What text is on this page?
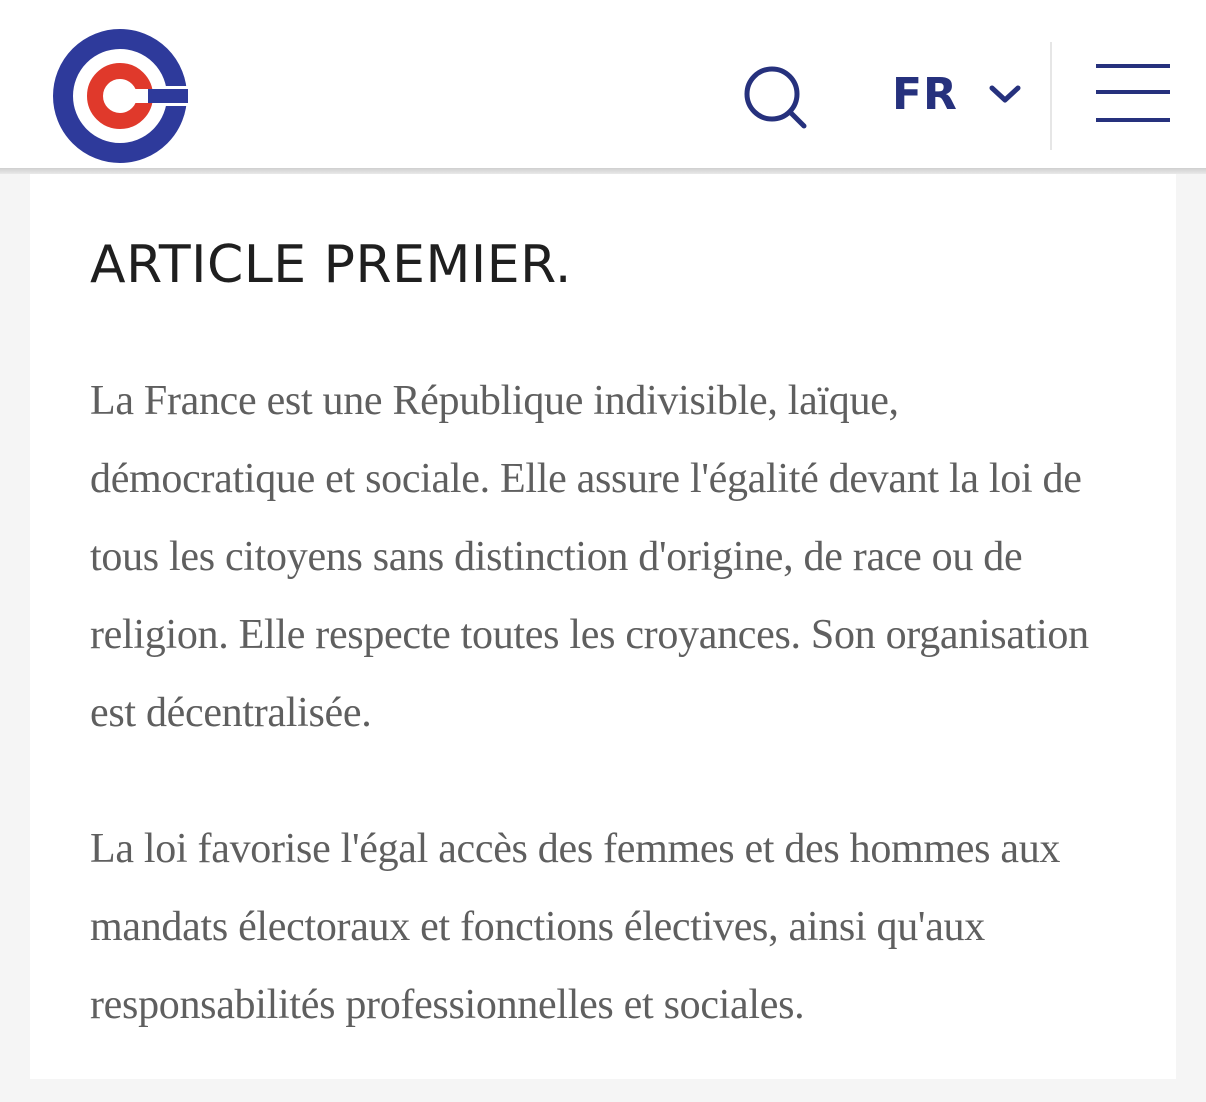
FR
ARTICLE PREMIER.

La France est une République indivisible, laïque, démocratique et sociale. Elle assure l'égalité devant la loi de tous les citoyens sans distinction d'origine, de race ou de religion. Elle respecte toutes les croyances. Son organisation est décentralisée.

La loi favorise l'égal accès des femmes et des hommes aux mandats électoraux et fonctions électives, ainsi qu'aux responsabilités professionnelles et sociales.
